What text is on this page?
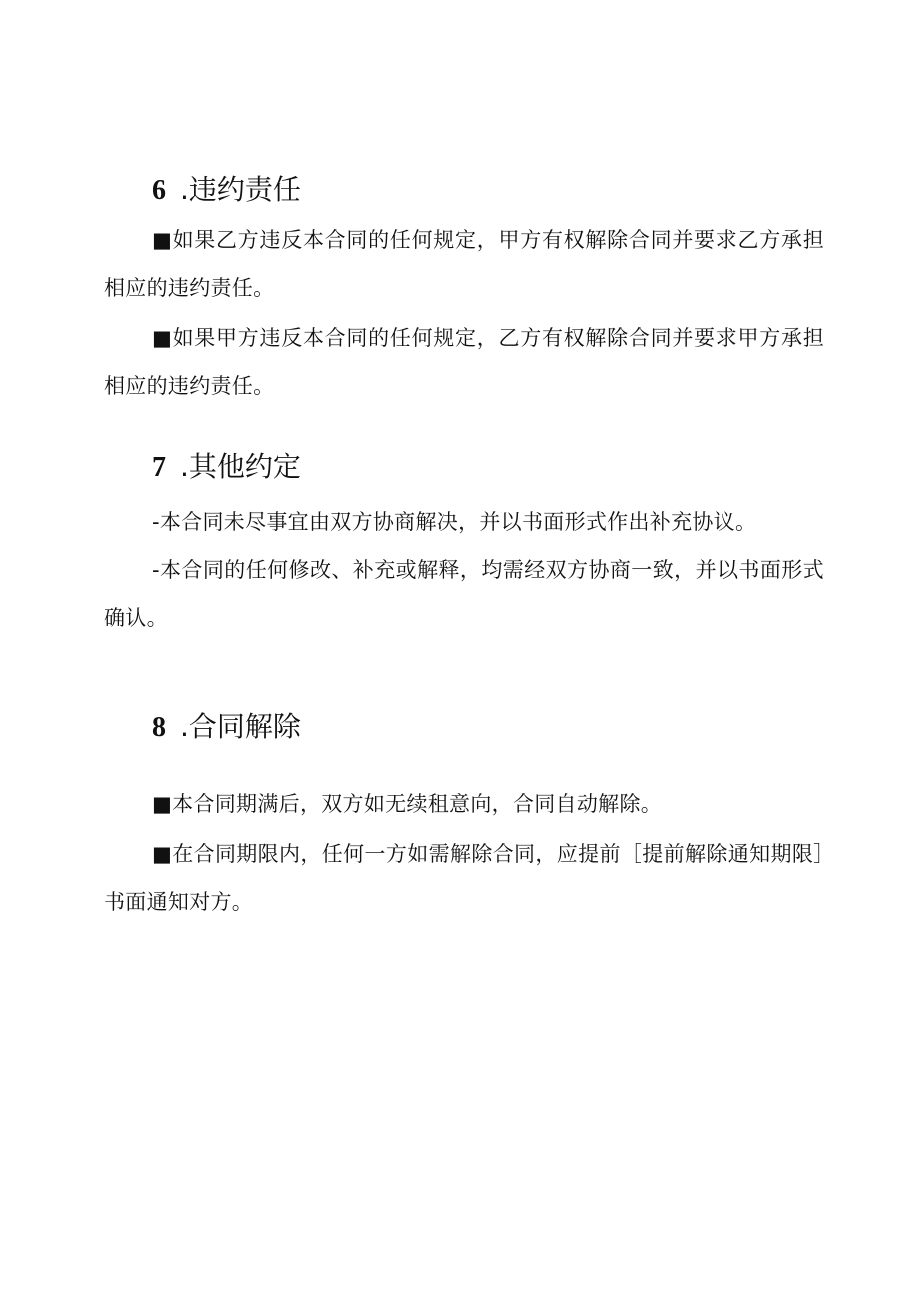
6 .违约责任
■如果乙方违反本合同的任何规定，甲方有权解除合同并要求乙方承担相应的违约责任。
■如果甲方违反本合同的任何规定，乙方有权解除合同并要求甲方承担相应的违约责任。
7 .其他约定
-本合同未尽事宜由双方协商解决，并以书面形式作出补充协议。
-本合同的任何修改、补充或解释，均需经双方协商一致，并以书面形式确认。
8 .合同解除
■本合同期满后，双方如无续租意向，合同自动解除。
■在合同期限内，任何一方如需解除合同，应提前［提前解除通知期限］书面通知对方。
